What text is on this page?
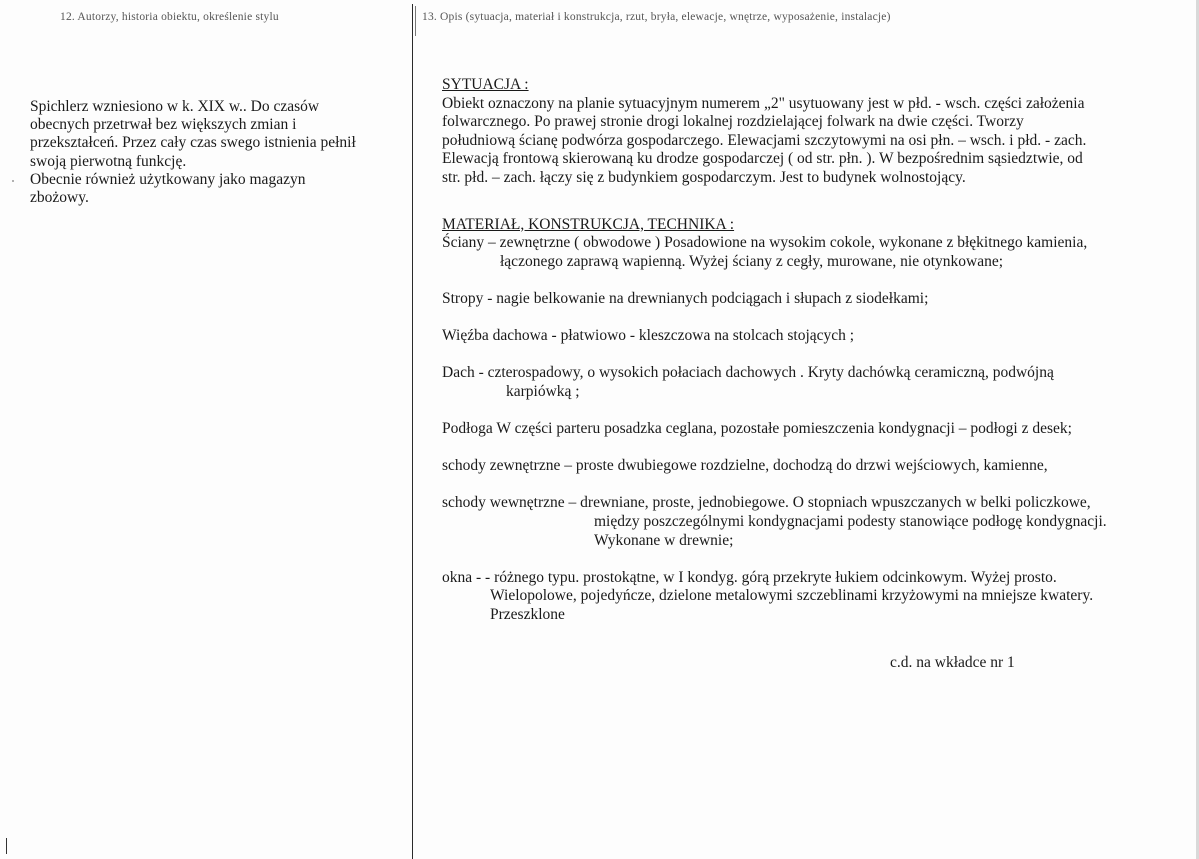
12. Autorzy, historia obiektu, określenie stylu	13. Opis (sytuacja, materiał i konstrukcja, rzut, bryła, elewacje, wnętrze, wyposażenie, instalacje)

Spichlerz wzniesiono w k. XIX w.. Do czasów

obecnych przetrwał bez większych zmian i

przekształceń. Przez cały czas swego istnienia pełnił

swoją pierwotną funkcję.

Obecnie również użytkowany jako magazyn

zbożowy.

SYTUACJA :

Obiekt oznaczony na planie sytuacyjnym numerem „2" usytuowany jest w płd. - wsch. części założenia

folwarcznego. Po prawej stronie drogi lokalnej rozdzielającej folwark na dwie części. Tworzy

południową ścianę podwórza gospodarczego. Elewacjami szczytowymi na osi płn. – wsch. i płd. - zach.

Elewacją frontową skierowaną ku drodze gospodarczej ( od str. płn. ). W bezpośrednim sąsiedztwie, od

str. płd. – zach. łączy się z budynkiem gospodarczym. Jest to budynek wolnostojący.

MATERIAŁ, KONSTRUKCJA, TECHNIKA :

Ściany – zewnętrzne ( obwodowe ) Posadowione na wysokim cokole, wykonane z błękitnego kamienia,

łączonego zaprawą wapienną. Wyżej ściany z cegły, murowane, nie otynkowane;

Stropy - nagie belkowanie na drewnianych podciągach i słupach z siodełkami;

Więźba dachowa - płatwiowo - kleszczowa na stolcach stojących ;

Dach - czterospadowy, o wysokich połaciach dachowych . Kryty dachówką ceramiczną, podwójną

karpiówką ;

Podłoga W części parteru posadzka ceglana, pozostałe pomieszczenia kondygnacji – podłogi z desek;

schody zewnętrzne – proste dwubiegowe rozdzielne, dochodzą do drzwi wejściowych, kamienne,

schody wewnętrzne – drewniane, proste, jednobiegowe. O stopniach wpuszczanych w belki policzkowe,

między poszczególnymi kondygnacjami podesty stanowiące podłogę kondygnacji.

Wykonane w drewnie;

okna - - różnego typu. prostokątne, w I kondyg. górą przekryte łukiem odcinkowym. Wyżej prosto.

Wielopolowe, pojedyńcze, dzielone metalowymi szczeblinami krzyżowymi na mniejsze kwatery.

Przeszklone

c.d. na wkładce nr 1
